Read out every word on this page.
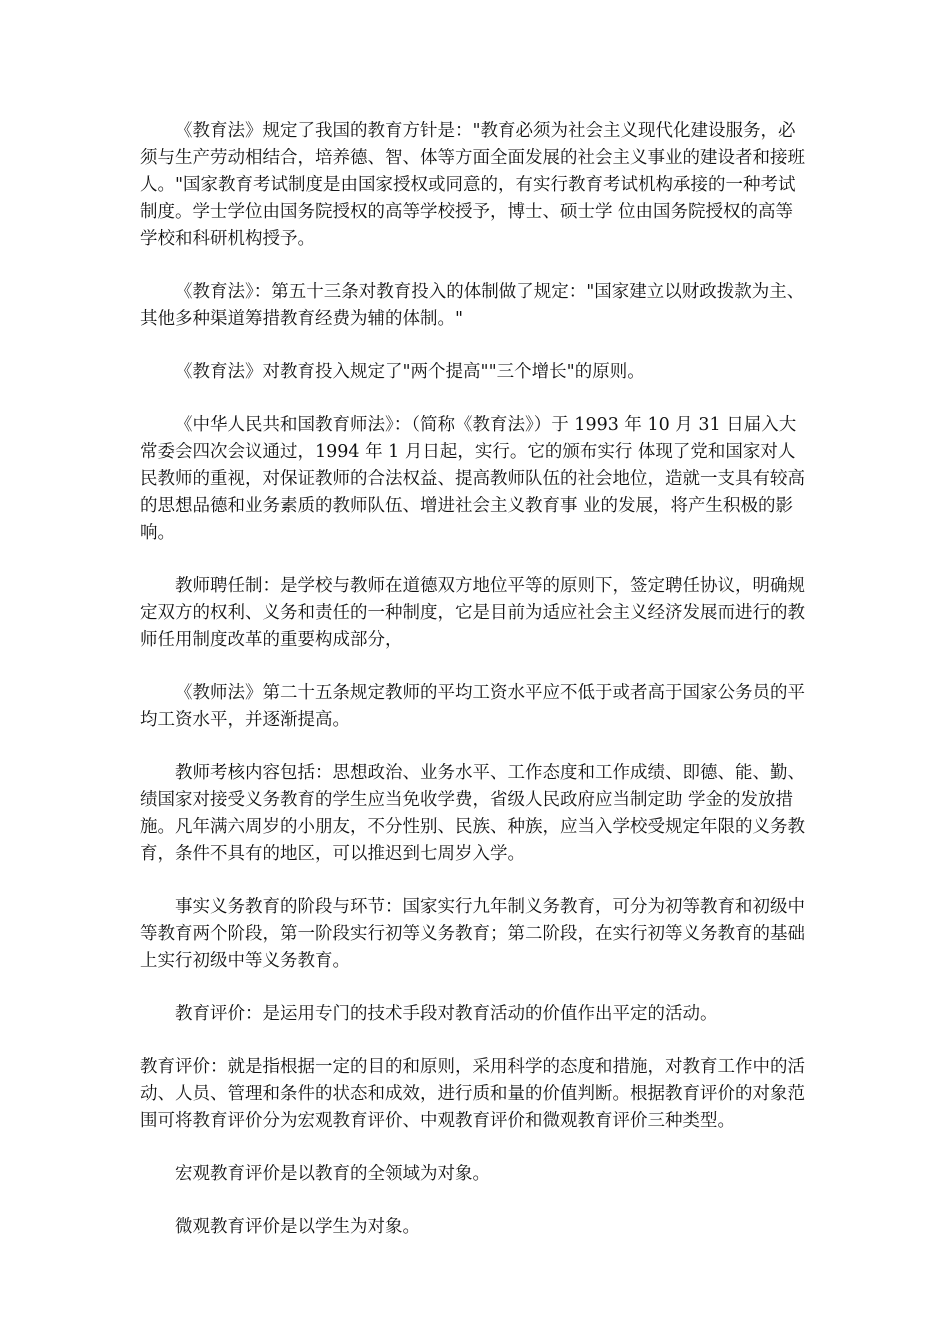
《教育法》规定了我国的教育方针是："教育必须为社会主义现代化建设服务，必须与生产劳动相结合，培养德、智、体等方面全面发展的社会主义事业的建设者和接班人。"国家教育考试制度是由国家授权或同意的，有实行教育考试机构承接的一种考试制度。学士学位由国务院授权的高等学校授予，博士、硕士学 位由国务院授权的高等学校和科研机构授予。

《教育法》：第五十三条对教育投入的体制做了规定："国家建立以财政拨款为主、其他多种渠道筹措教育经费为辅的体制。"

《教育法》对教育投入规定了"两个提高""三个增长"的原则。

《中华人民共和国教育师法》：（简称《教育法》）于 1993 年 10 月 31 日届入大常委会四次会议通过，1994 年 1 月日起，实行。它的颁布实行 体现了党和国家对人民教师的重视，对保证教师的合法权益、提高教师队伍的社会地位，造就一支具有较高的思想品德和业务素质的教师队伍、增进社会主义教育事 业的发展，将产生积极的影响。

教师聘任制：是学校与教师在道德双方地位平等的原则下，签定聘任协议，明确规定双方的权利、义务和责任的一种制度，它是目前为适应社会主义经济发展而进行的教师任用制度改革的重要构成部分，

《教师法》第二十五条规定教师的平均工资水平应不低于或者高于国家公务员的平均工资水平，并逐渐提高。

教师考核内容包括：思想政治、业务水平、工作态度和工作成绩、即德、能、勤、绩国家对接受义务教育的学生应当免收学费，省级人民政府应当制定助 学金的发放措施。凡年满六周岁的小朋友，不分性别、民族、种族，应当入学校受规定年限的义务教育，条件不具有的地区，可以推迟到七周岁入学。

事实义务教育的阶段与环节：国家实行九年制义务教育，可分为初等教育和初级中等教育两个阶段，第一阶段实行初等义务教育；第二阶段，在实行初等义务教育的基础上实行初级中等义务教育。

教育评价：是运用专门的技术手段对教育活动的价值作出平定的活动。

教育评价：就是指根据一定的目的和原则，采用科学的态度和措施，对教育工作中的活动、人员、管理和条件的状态和成效，进行质和量的价值判断。根据教育评价的对象范围可将教育评价分为宏观教育评价、中观教育评价和微观教育评价三种类型。

宏观教育评价是以教育的全领域为对象。

微观教育评价是以学生为对象。
